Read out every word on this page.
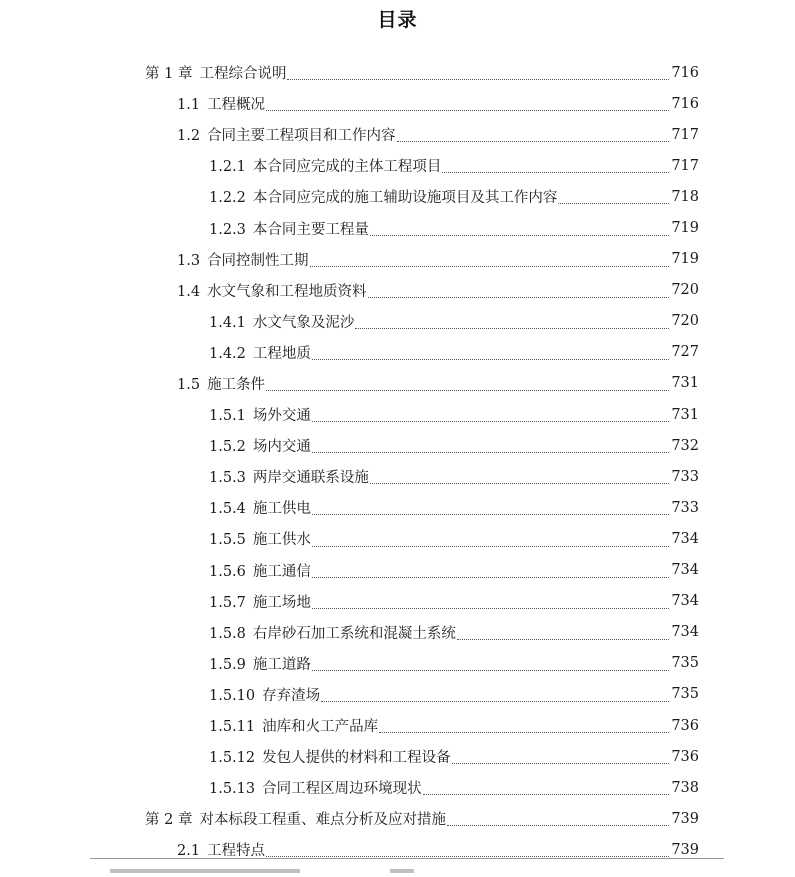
目录
第 1 章 工程综合说明	716
1.1 工程概况	716
1.2 合同主要工程项目和工作内容	717
1.2.1 本合同应完成的主体工程项目	717
1.2.2 本合同应完成的施工辅助设施项目及其工作内容	718
1.2.3 本合同主要工程量	719
1.3 合同控制性工期	719
1.4 水文气象和工程地质资料	720
1.4.1 水文气象及泥沙	720
1.4.2 工程地质	727
1.5 施工条件	731
1.5.1 场外交通	731
1.5.2 场内交通	732
1.5.3 两岸交通联系设施	733
1.5.4 施工供电	733
1.5.5 施工供水	734
1.5.6 施工通信	734
1.5.7 施工场地	734
1.5.8 右岸砂石加工系统和混凝土系统	734
1.5.9 施工道路	735
1.5.10 存弃渣场	735
1.5.11 油库和火工产品库	736
1.5.12 发包人提供的材料和工程设备	736
1.5.13 合同工程区周边环境现状	738
第 2 章 对本标段工程重、难点分析及应对措施	739
2.1 工程特点	739
